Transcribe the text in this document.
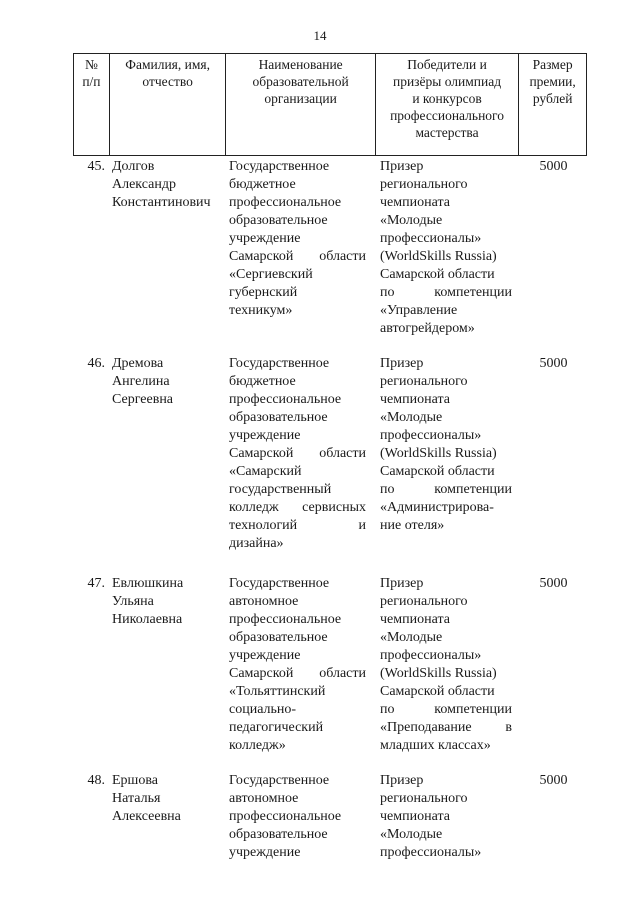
14
№
п/п
Фамилия, имя,
отчество
Наименование
образовательной
организации
Победители и
призёры олимпиад
и конкурсов
профессионального
мастерства
Размер
премии,
рублей
45. Долгов
Александр
Константинович
Государственное
бюджетное
профессиональное
образовательное
учреждение
Самарской области
«Сергиевский
губернский
техникум»
Призер
регионального
чемпионата
«Молодые
профессионалы»
(WorldSkills Russia)
Самарской области
по компетенции
«Управление
автогрейдером»
5000
46. Дремова
Ангелина
Сергеевна
Государственное
бюджетное
профессиональное
образовательное
учреждение
Самарской области
«Самарский
государственный
колледж сервисных
технологий и
дизайна»
Призер
регионального
чемпионата
«Молодые
профессионалы»
(WorldSkills Russia)
Самарской области
по компетенции
«Администрирова-
ние отеля»
5000
47. Евлюшкина
Ульяна
Николаевна
Государственное
автономное
профессиональное
образовательное
учреждение
Самарской области
«Тольяттинский
социально-
педагогический
колледж»
Призер
регионального
чемпионата
«Молодые
профессионалы»
(WorldSkills Russia)
Самарской области
по компетенции
«Преподавание в
младших классах»
5000
48. Ершова
Наталья
Алексеевна
Государственное
автономное
профессиональное
образовательное
учреждение
Призер
регионального
чемпионата
«Молодые
профессионалы»
5000
